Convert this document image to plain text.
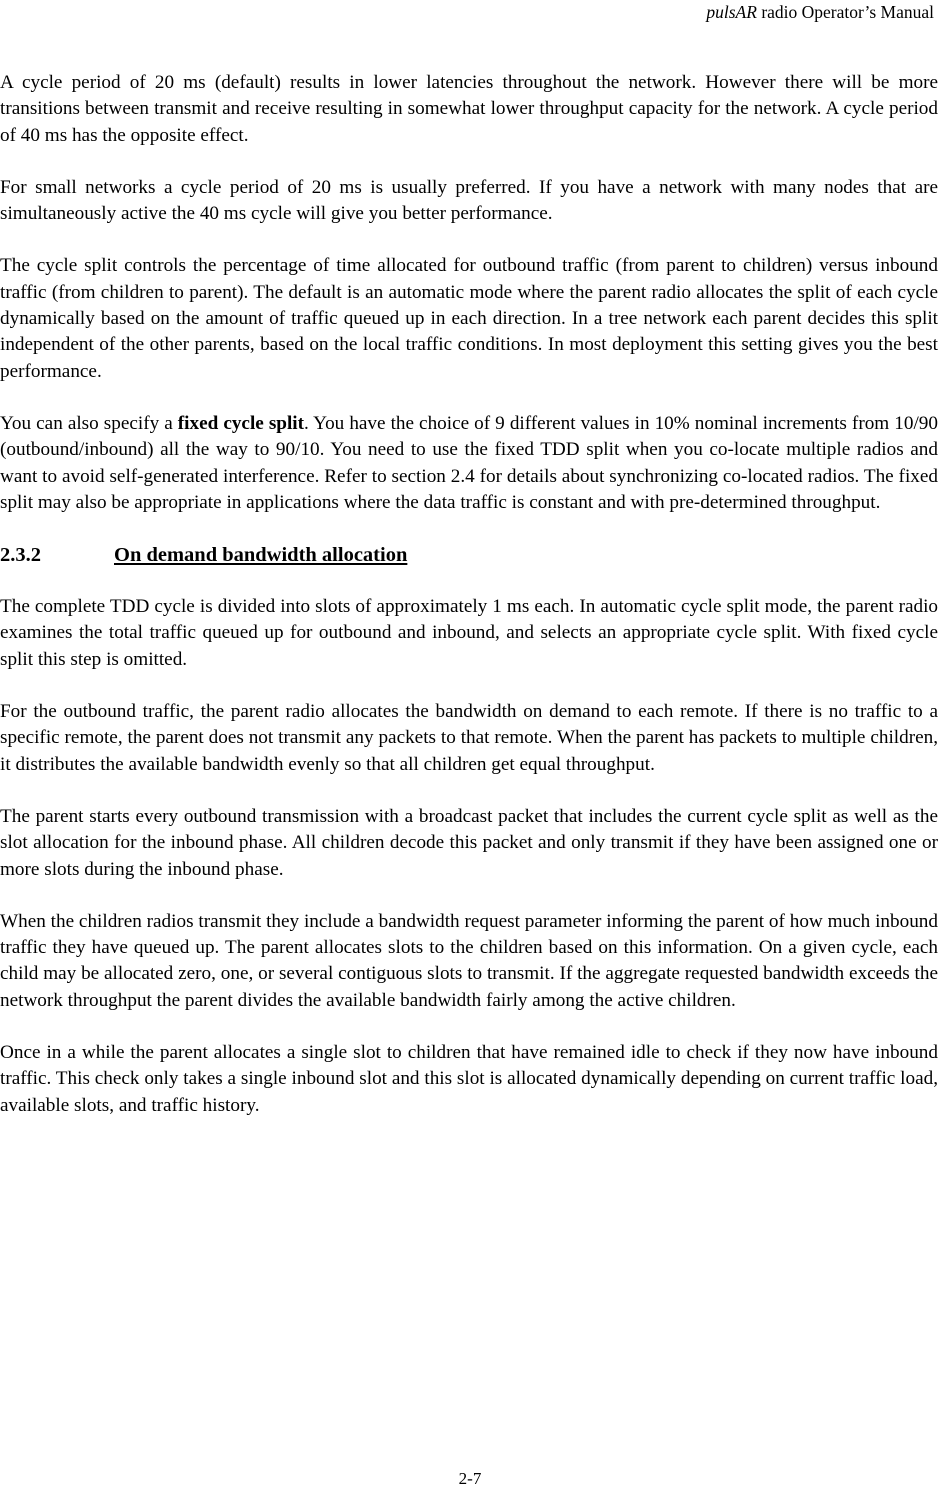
pulsAR radio Operator’s Manual

A cycle period of 20 ms (default) results in lower latencies throughout the network. However there will be more transitions between transmit and receive resulting in somewhat lower throughput capacity for the network. A cycle period of 40 ms has the opposite effect.

For small networks a cycle period of 20 ms is usually preferred. If you have a network with many nodes that are simultaneously active the 40 ms cycle will give you better performance.

The cycle split controls the percentage of time allocated for outbound traffic (from parent to children) versus inbound traffic (from children to parent). The default is an automatic mode where the parent radio allocates the split of each cycle dynamically based on the amount of traffic queued up in each direction. In a tree network each parent decides this split independent of the other parents, based on the local traffic conditions. In most deployment this setting gives you the best performance.

You can also specify a fixed cycle split. You have the choice of 9 different values in 10% nominal increments from 10/90 (outbound/inbound) all the way to 90/10. You need to use the fixed TDD split when you co-locate multiple radios and want to avoid self-generated interference. Refer to section 2.4 for details about synchronizing co-located radios. The fixed split may also be appropriate in applications where the data traffic is constant and with pre-determined throughput.

2.3.2	On demand bandwidth allocation

The complete TDD cycle is divided into slots of approximately 1 ms each. In automatic cycle split mode, the parent radio examines the total traffic queued up for outbound and inbound, and selects an appropriate cycle split. With fixed cycle split this step is omitted.

For the outbound traffic, the parent radio allocates the bandwidth on demand to each remote. If there is no traffic to a specific remote, the parent does not transmit any packets to that remote. When the parent has packets to multiple children, it distributes the available bandwidth evenly so that all children get equal throughput.

The parent starts every outbound transmission with a broadcast packet that includes the current cycle split as well as the slot allocation for the inbound phase. All children decode this packet and only transmit if they have been assigned one or more slots during the inbound phase.

When the children radios transmit they include a bandwidth request parameter informing the parent of how much inbound traffic they have queued up. The parent allocates slots to the children based on this information. On a given cycle, each child may be allocated zero, one, or several contiguous slots to transmit. If the aggregate requested bandwidth exceeds the network throughput the parent divides the available bandwidth fairly among the active children.

Once in a while the parent allocates a single slot to children that have remained idle to check if they now have inbound traffic. This check only takes a single inbound slot and this slot is allocated dynamically depending on current traffic load, available slots, and traffic history.

2-7
